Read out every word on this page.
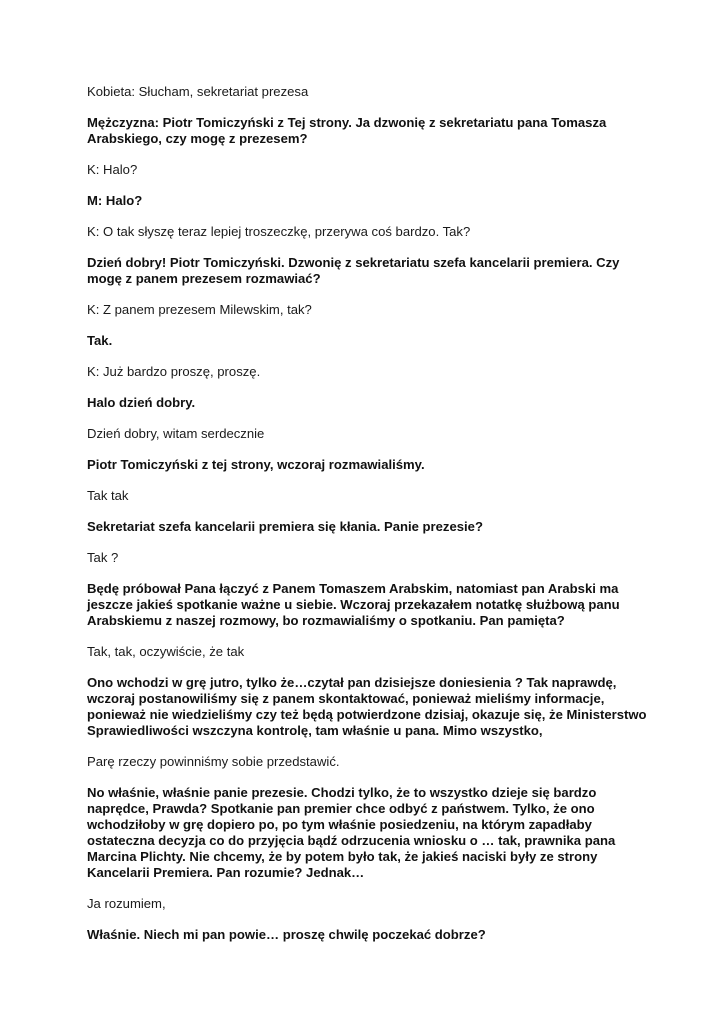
Kobieta: Słucham, sekretariat prezesa

Mężczyzna: Piotr Tomiczyński z Tej strony. Ja dzwonię z sekretariatu pana Tomasza Arabskiego, czy mogę z prezesem?

K: Halo?

M: Halo?

K: O tak słyszę teraz lepiej troszeczkę, przerywa coś bardzo. Tak?

Dzień dobry! Piotr Tomiczyński. Dzwonię z sekretariatu szefa kancelarii premiera. Czy mogę z panem prezesem rozmawiać?

K: Z panem prezesem Milewskim, tak?

Tak.

K: Już bardzo proszę, proszę.

Halo dzień dobry.

Dzień dobry, witam serdecznie

Piotr Tomiczyński z tej strony, wczoraj rozmawialiśmy.

Tak tak

Sekretariat szefa kancelarii premiera się kłania. Panie prezesie?

Tak ?

Będę próbował Pana łączyć z Panem Tomaszem Arabskim, natomiast pan Arabski ma jeszcze jakieś spotkanie ważne u siebie. Wczoraj przekazałem notatkę służbową panu Arabskiemu z naszej rozmowy, bo rozmawialiśmy o spotkaniu. Pan pamięta?

Tak, tak, oczywiście, że tak

Ono wchodzi w grę jutro, tylko że…czytał pan dzisiejsze doniesienia ? Tak naprawdę, wczoraj postanowiliśmy się z panem skontaktować, ponieważ mieliśmy informacje, ponieważ nie wiedzieliśmy czy też będą potwierdzone dzisiaj, okazuje się, że Ministerstwo Sprawiedliwości wszczyna kontrolę, tam właśnie u pana. Mimo wszystko,

Parę rzeczy powinniśmy sobie przedstawić.

No właśnie, właśnie panie prezesie. Chodzi tylko, że to wszystko dzieje się bardzo naprędce, Prawda? Spotkanie pan premier chce odbyć z państwem. Tylko, że ono wchodziłoby w grę dopiero po, po tym właśnie posiedzeniu, na którym zapadłaby ostateczna decyzja co do przyjęcia bądź odrzucenia wniosku o … tak, prawnika pana Marcina Plichty. Nie chcemy, że by potem było tak, że jakieś naciski były ze strony Kancelarii Premiera. Pan rozumie? Jednak…

Ja rozumiem,

Właśnie. Niech mi pan powie… proszę chwilę poczekać dobrze?
